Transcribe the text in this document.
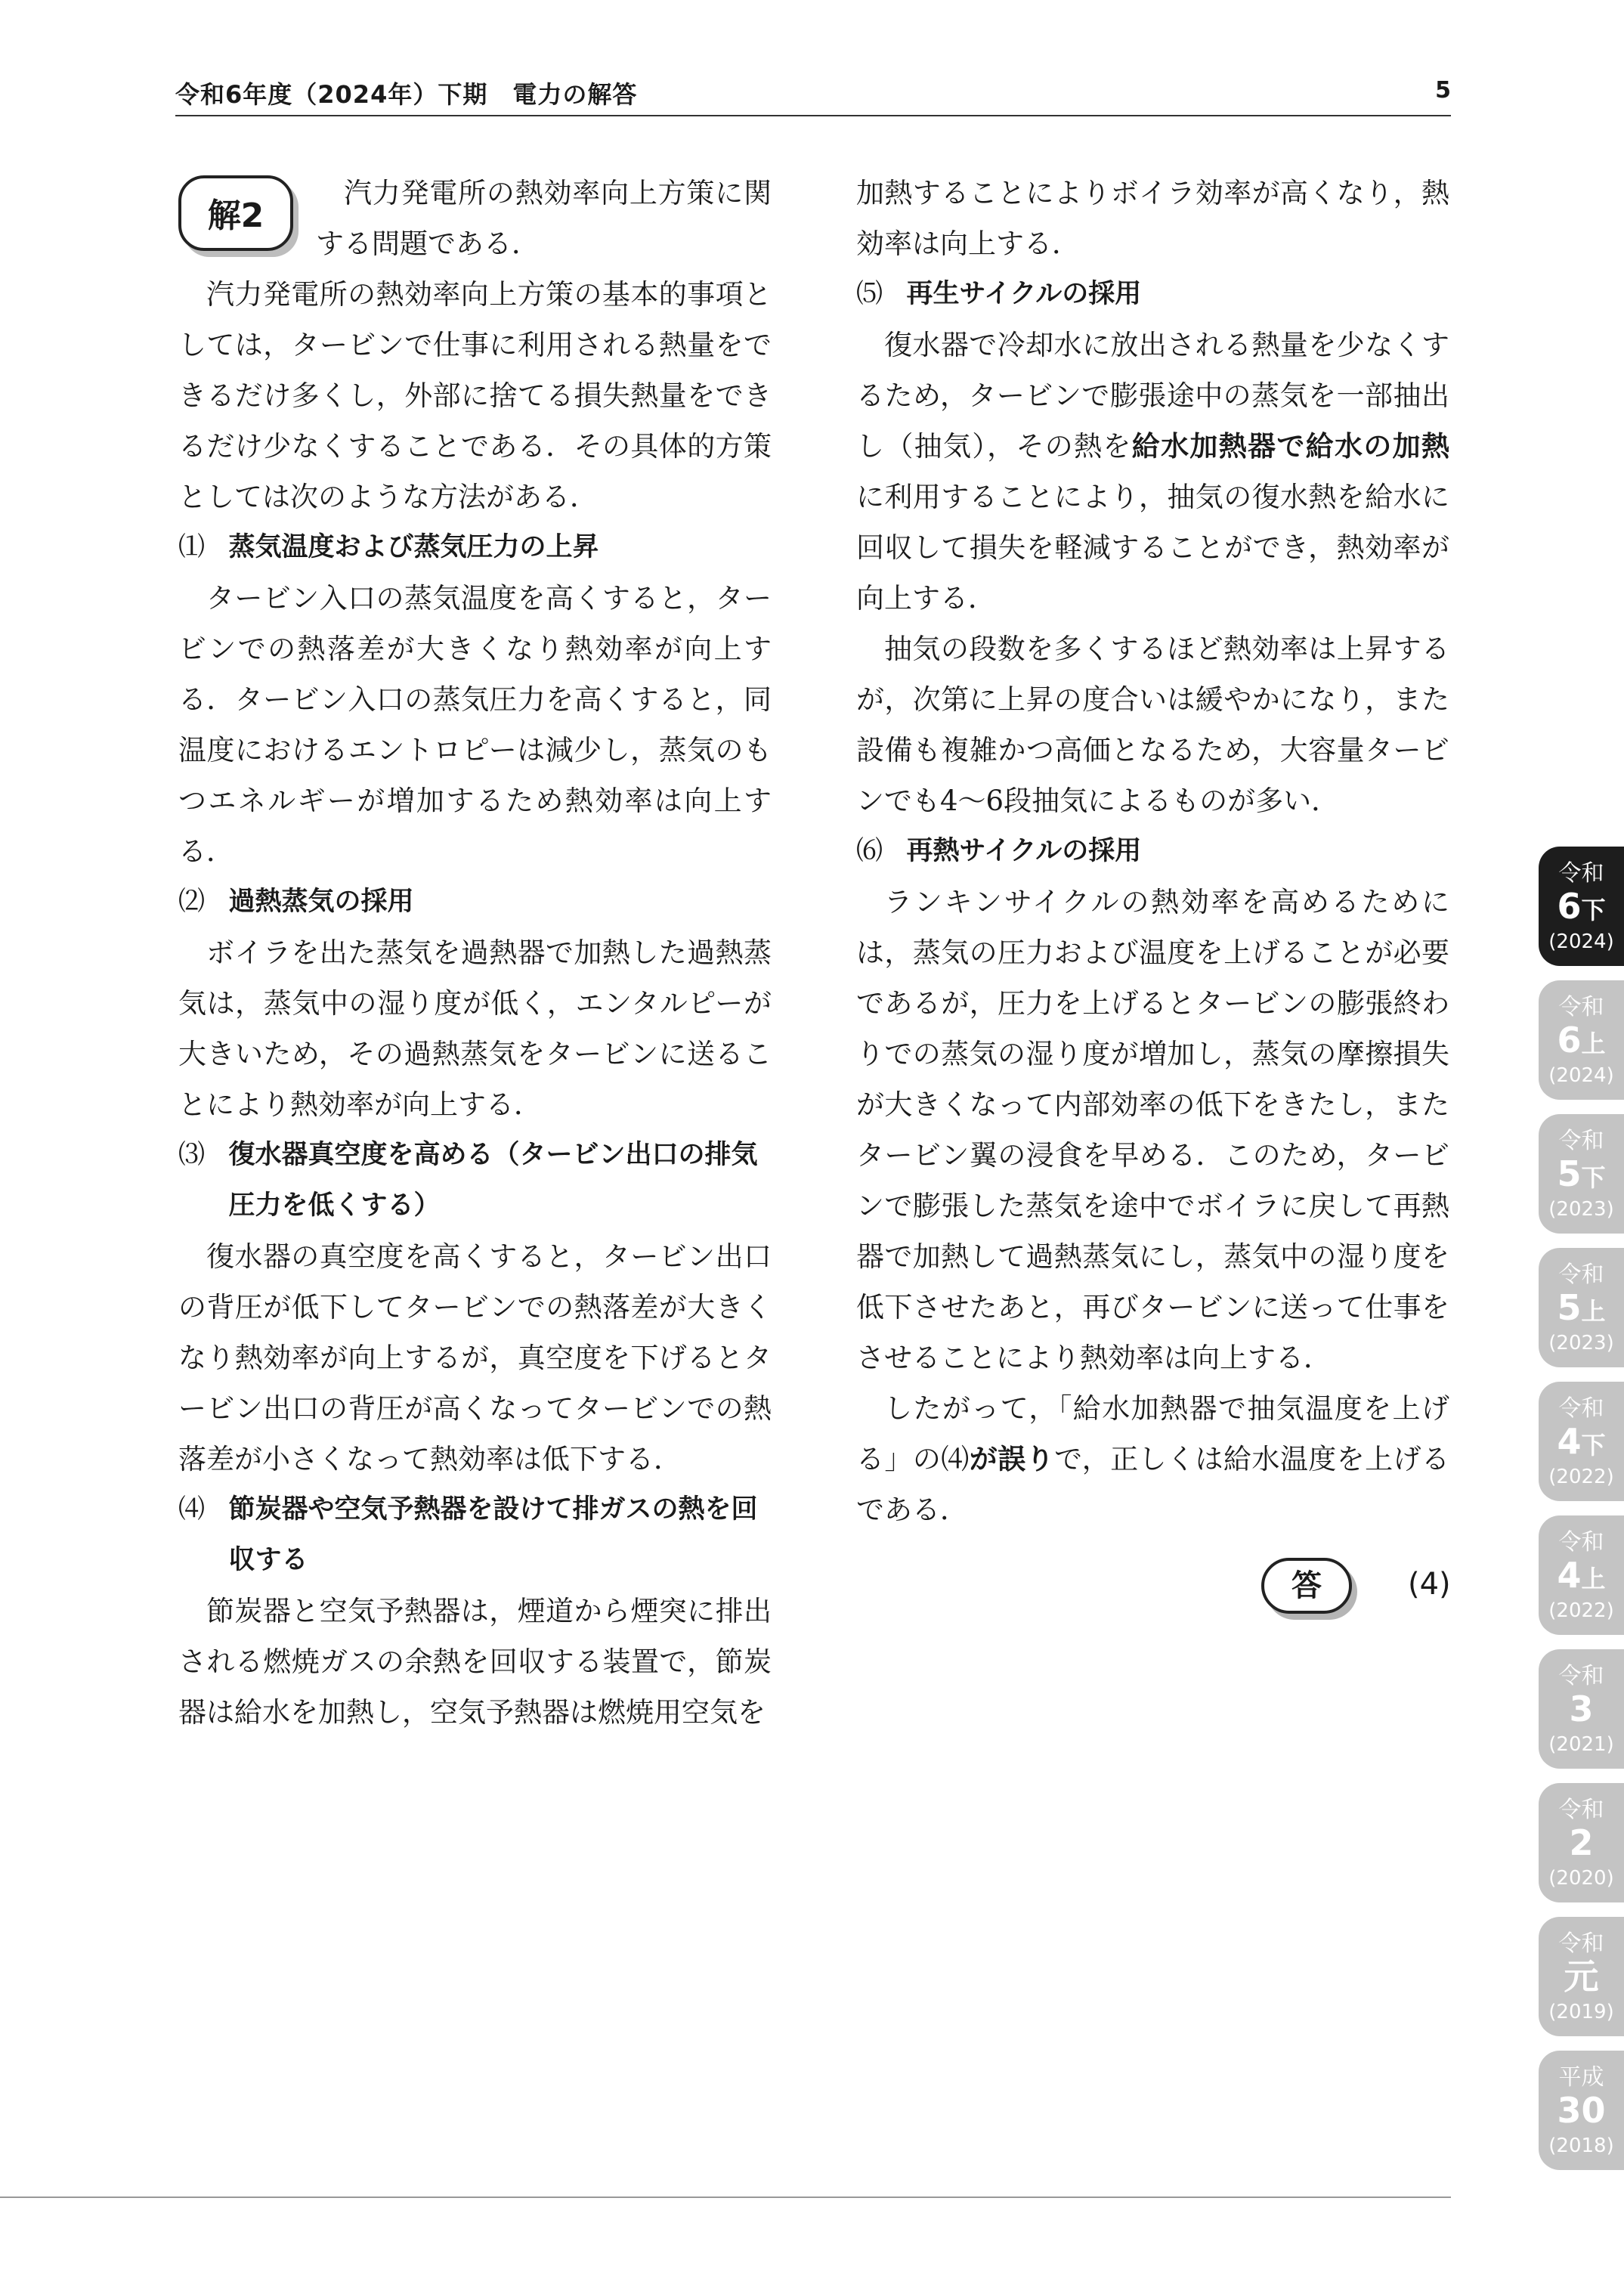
令和6年度（2024年）下期　電力の解答	5
解2

汽力発電所の熱効率向上方策に関する問題である．

汽力発電所の熱効率向上方策の基本的事項としては，タービンで仕事に利用される熱量をできるだけ多くし，外部に捨てる損失熱量をできるだけ少なくすることである．その具体的方策としては次のような方法がある．

⑴ 蒸気温度および蒸気圧力の上昇

タービン入口の蒸気温度を高くすると，タービンでの熱落差が大きくなり熱効率が向上する．タービン入口の蒸気圧力を高くすると，同温度におけるエントロピーは減少し，蒸気のもつエネルギーが増加するため熱効率は向上する．

⑵ 過熱蒸気の採用

ボイラを出た蒸気を過熱器で加熱した過熱蒸気は，蒸気中の湿り度が低く，エンタルピーが大きいため，その過熱蒸気をタービンに送ることにより熱効率が向上する．

⑶ 復水器真空度を高める（タービン出口の排気圧力を低くする）

復水器の真空度を高くすると，タービン出口の背圧が低下してタービンでの熱落差が大きくなり熱効率が向上するが，真空度を下げるとタービン出口の背圧が高くなってタービンでの熱落差が小さくなって熱効率は低下する．

⑷ 節炭器や空気予熱器を設けて排ガスの熱を回収する

節炭器と空気予熱器は，煙道から煙突に排出される燃焼ガスの余熱を回収する装置で，節炭器は給水を加熱し，空気予熱器は燃焼用空気を

加熱することによりボイラ効率が高くなり，熱効率は向上する．

⑸ 再生サイクルの採用

復水器で冷却水に放出される熱量を少なくするため，タービンで膨張途中の蒸気を一部抽出し（抽気），その熱を給水加熱器で給水の加熱に利用することにより，抽気の復水熱を給水に回収して損失を軽減することができ，熱効率が向上する．

抽気の段数を多くするほど熱効率は上昇するが，次第に上昇の度合いは緩やかになり，また設備も複雑かつ高価となるため，大容量タービンでも4～6段抽気によるものが多い．

⑹ 再熱サイクルの採用

ランキンサイクルの熱効率を高めるためには，蒸気の圧力および温度を上げることが必要であるが，圧力を上げるとタービンの膨張終わりでの蒸気の湿り度が増加し，蒸気の摩擦損失が大きくなって内部効率の低下をきたし，またタービン翼の浸食を早める．このため，タービンで膨張した蒸気を途中でボイラに戻して再熱器で加熱して過熱蒸気にし，蒸気中の湿り度を低下させたあと，再びタービンに送って仕事をさせることにより熱効率は向上する．

したがって，「給水加熱器で抽気温度を上げる」の⑷が誤りで，正しくは給水温度を上げるである．

答	(4)
令和
6下
(2024)
令和
6上
(2024)
令和
5下
(2023)
令和
5上
(2023)
令和
4下
(2022)
令和
4上
(2022)
令和
3
(2021)
令和
2
(2020)
令和
元
(2019)
平成
30
(2018)
